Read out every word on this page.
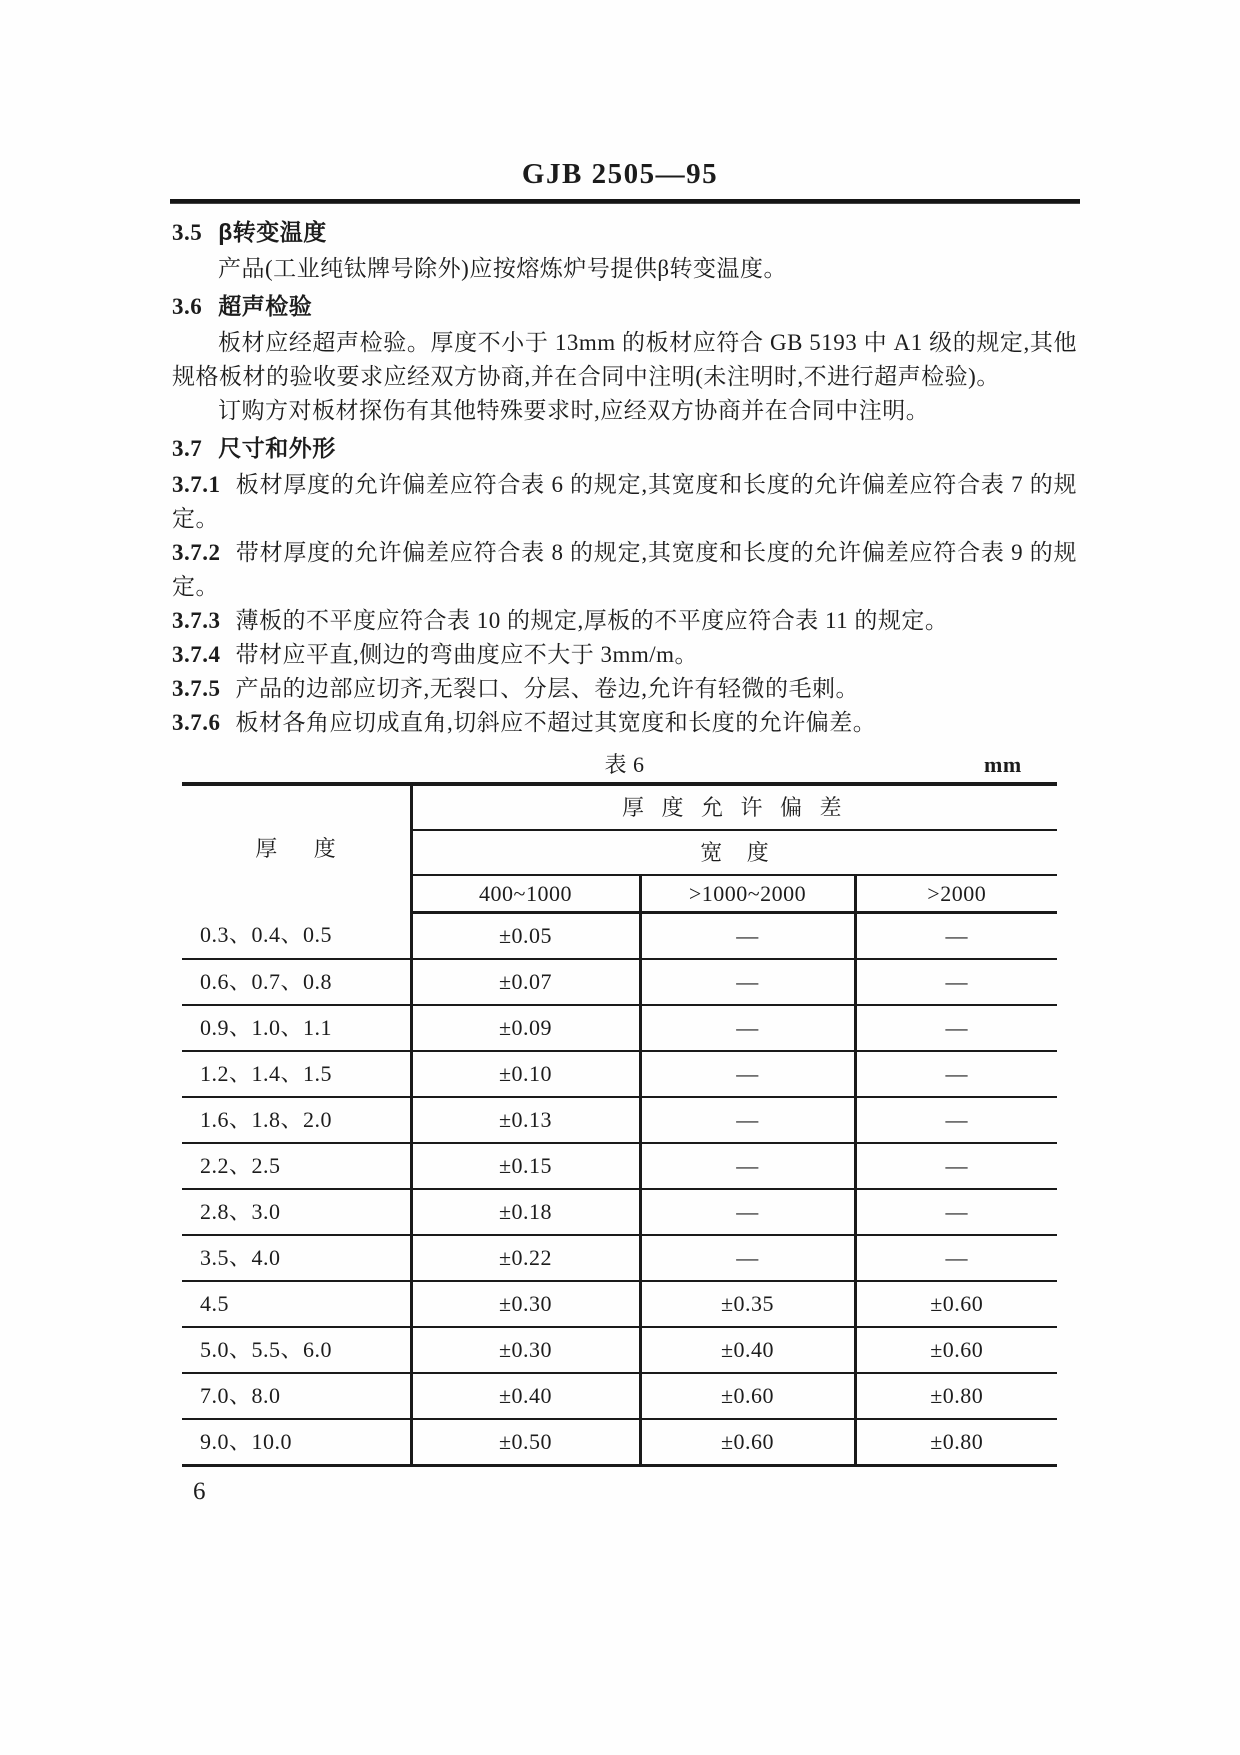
GJB 2505—95
3.5 β转变温度
产品(工业纯钛牌号除外)应按熔炼炉号提供β转变温度。
3.6 超声检验
板材应经超声检验。厚度不小于 13mm 的板材应符合 GB 5193 中 A1 级的规定,其他规格板材的验收要求应经双方协商,并在合同中注明(未注明时,不进行超声检验)。
订购方对板材探伤有其他特殊要求时,应经双方协商并在合同中注明。
3.7 尺寸和外形
3.7.1 板材厚度的允许偏差应符合表 6 的规定,其宽度和长度的允许偏差应符合表 7 的规定。
3.7.2 带材厚度的允许偏差应符合表 8 的规定,其宽度和长度的允许偏差应符合表 9 的规定。
3.7.3 薄板的不平度应符合表 10 的规定,厚板的不平度应符合表 11 的规定。
3.7.4 带材应平直,侧边的弯曲度应不大于 3mm/m。
3.7.5 产品的边部应切齐,无裂口、分层、卷边,允许有轻微的毛刺。
3.7.6 板材各角应切成直角,切斜应不超过其宽度和长度的允许偏差。
表 6	mm
厚      度	厚 度 允 许 偏 差		
	宽    度		
	400~1000	>1000~2000	>2000
0.3、0.4、0.5	±0.05	—	—
0.6、0.7、0.8	±0.07	—	—
0.9、1.0、1.1	±0.09	—	—
1.2、1.4、1.5	±0.10	—	—
1.6、1.8、2.0	±0.13	—	—
2.2、2.5	±0.15	—	—
2.8、3.0	±0.18	—	—
3.5、4.0	±0.22	—	—
4.5	±0.30	±0.35	±0.60
5.0、5.5、6.0	±0.30	±0.40	±0.60
7.0、8.0	±0.40	±0.60	±0.80
9.0、10.0	±0.50	±0.60	±0.80
6
